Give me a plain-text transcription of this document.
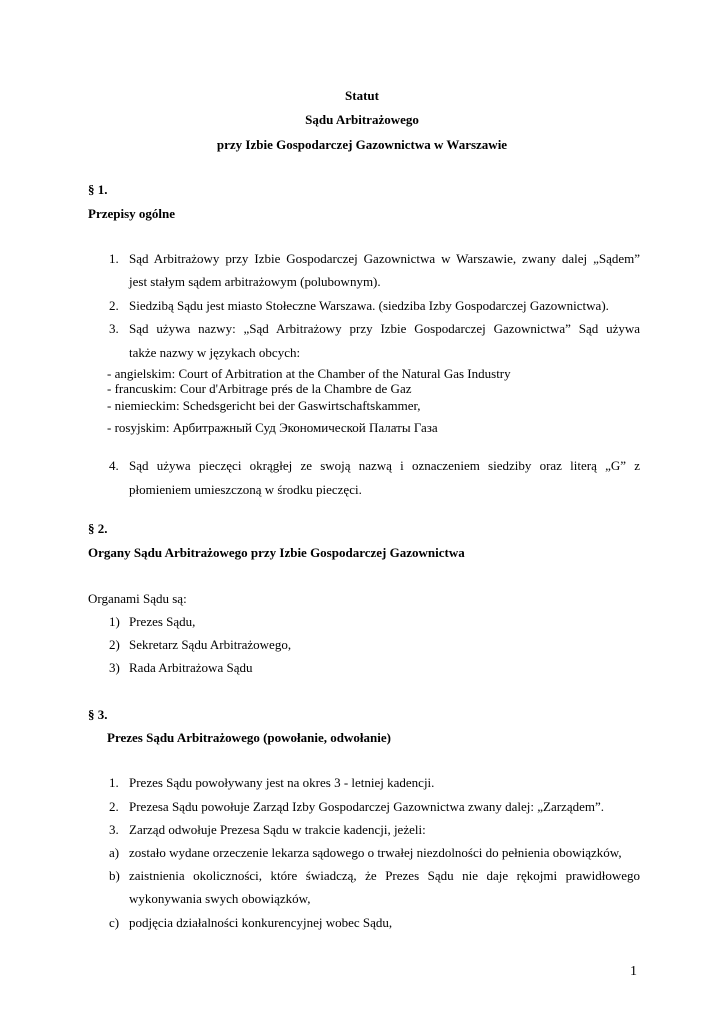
Statut
Sądu Arbitrażowego
przy Izbie Gospodarczej Gazownictwa w Warszawie
§ 1.
Przepisy ogólne
1. Sąd Arbitrażowy przy Izbie Gospodarczej Gazownictwa w Warszawie, zwany dalej „Sądem”
jest stałym sądem arbitrażowym (polubownym).
2. Siedzibą Sądu jest miasto Stołeczne Warszawa. (siedziba Izby Gospodarczej Gazownictwa).
3. Sąd używa nazwy: „Sąd Arbitrażowy przy Izbie Gospodarczej Gazownictwa” Sąd używa
także nazwy w językach obcych:
- angielskim: Court of Arbitration at the Chamber of the Natural Gas Industry
- francuskim: Cour d'Arbitrage prés de la Chambre de Gaz
- niemieckim: Schedsgericht bei der Gaswirtschaftskammer,
- rosyjskim: Арбитражный Суд Экономической Палаты Газа
4. Sąd używa pieczęci okrągłej ze swoją nazwą i oznaczeniem siedziby oraz literą „G” z
płomieniem umieszczoną w środku pieczęci.
§ 2.
Organy Sądu Arbitrażowego przy Izbie Gospodarczej Gazownictwa
Organami Sądu są:
1) Prezes Sądu,
2) Sekretarz Sądu Arbitrażowego,
3) Rada Arbitrażowa Sądu
§ 3.
Prezes Sądu Arbitrażowego (powołanie, odwołanie)
1. Prezes Sądu powoływany jest na okres 3 - letniej kadencji.
2. Prezesa Sądu powołuje Zarząd Izby Gospodarczej Gazownictwa zwany dalej: „Zarządem”.
3. Zarząd odwołuje Prezesa Sądu w trakcie kadencji, jeżeli:
a) zostało wydane orzeczenie lekarza sądowego o trwałej niezdolności do pełnienia obowiązków,
b) zaistnienia okoliczności, które świadczą, że Prezes Sądu nie daje rękojmi prawidłowego
wykonywania swych obowiązków,
c) podjęcia działalności konkurencyjnej wobec Sądu,
1
